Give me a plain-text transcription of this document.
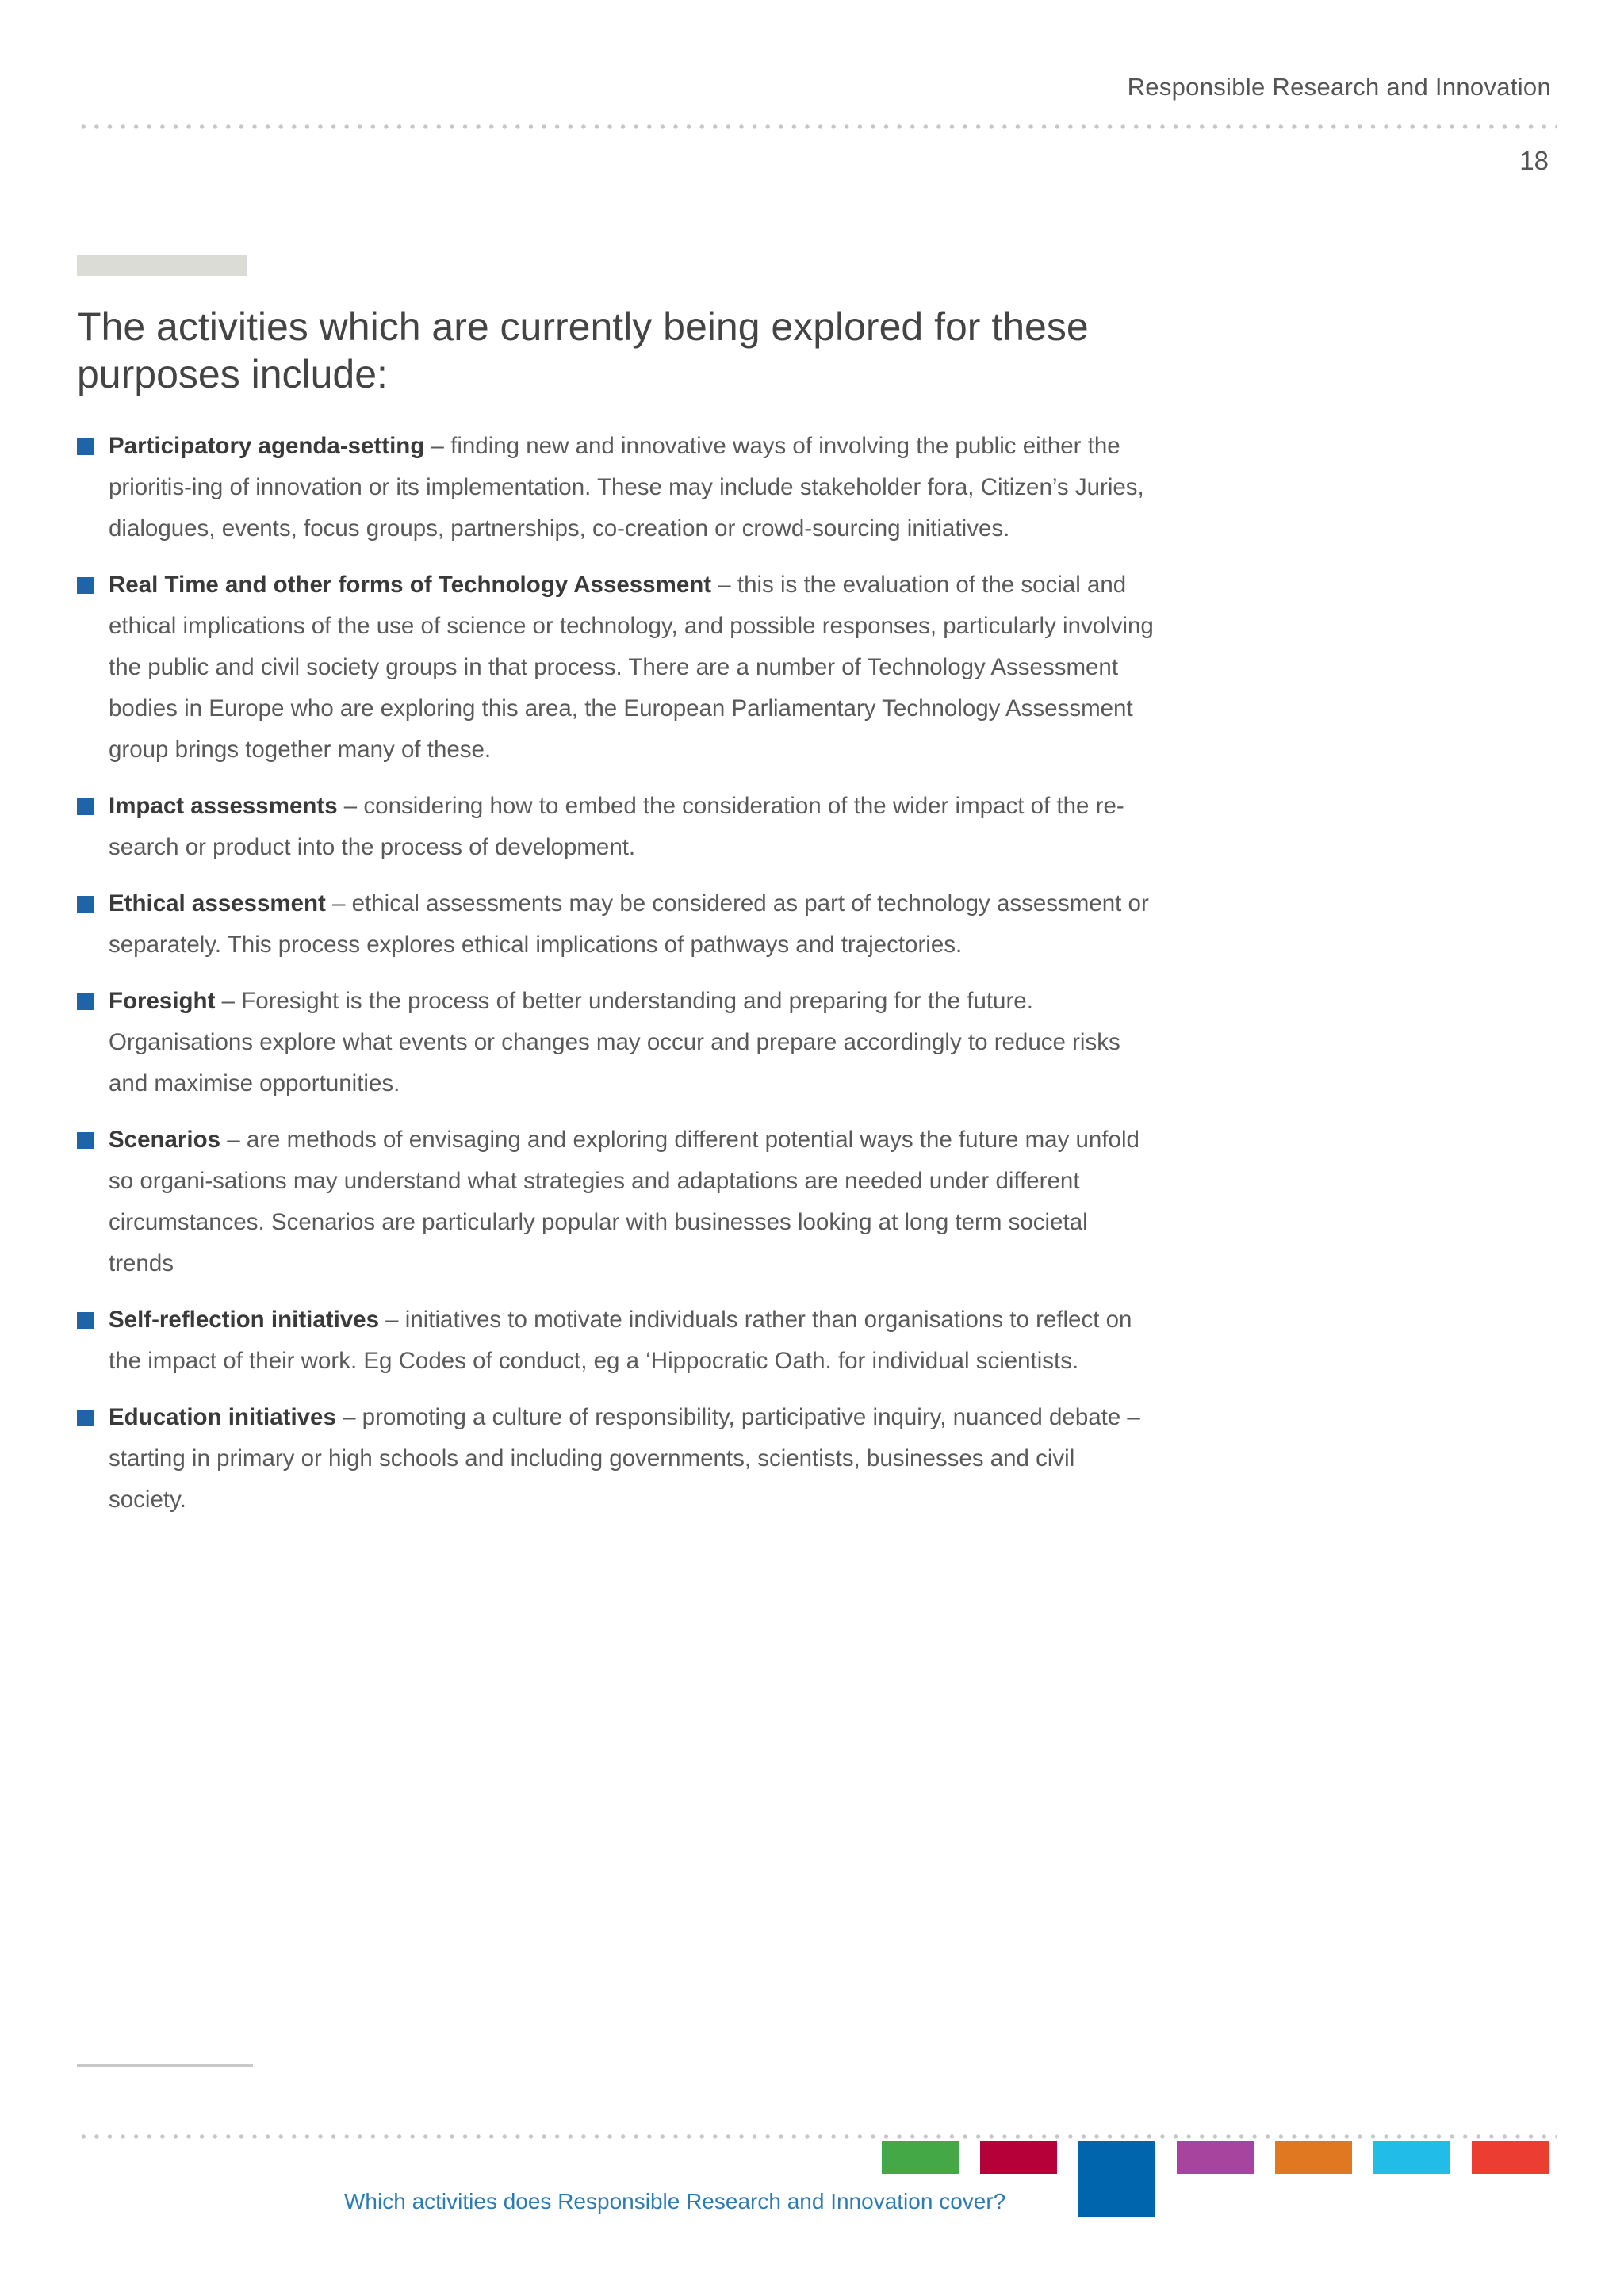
Responsible Research and Innovation
18
The activities which are currently being explored for these purposes include:
Participatory agenda-setting – finding new and innovative ways of involving the public either the prioritis-ing of innovation or its implementation. These may include stakeholder fora, Citizen’s Juries, dialogues, events, focus groups, partnerships, co-creation or crowd-sourcing initiatives.
Real Time and other forms of Technology Assessment – this is the evaluation of the social and ethical implications of the use of science or technology, and possible responses, particularly involving the public and civil society groups in that process. There are a number of Technology Assessment bodies in Europe who are exploring this area, the European Parliamentary Technology Assessment group brings together many of these.
Impact assessments – considering how to embed the consideration of the wider impact of the re-search or product into the process of development.
Ethical assessment – ethical assessments may be considered as part of technology assessment or separately. This process explores ethical implications of pathways and trajectories.
Foresight – Foresight is the process of better understanding and preparing for the future. Organisations explore what events or changes may occur and prepare accordingly to reduce risks and maximise opportunities.
Scenarios – are methods of envisaging and exploring different potential ways the future may unfold so organi-sations may understand what strategies and adaptations are needed under different circumstances. Scenarios are particularly popular with businesses looking at long term societal trends
Self-reflection initiatives – initiatives to motivate individuals rather than organisations to reflect on the impact of their work. Eg Codes of conduct, eg a ‘Hippocratic Oath. for individual scientists.
Education initiatives – promoting a culture of responsibility, participative inquiry, nuanced debate – starting in primary or high schools and including governments, scientists, businesses and civil society.
Which activities does Responsible Research and Innovation cover?
